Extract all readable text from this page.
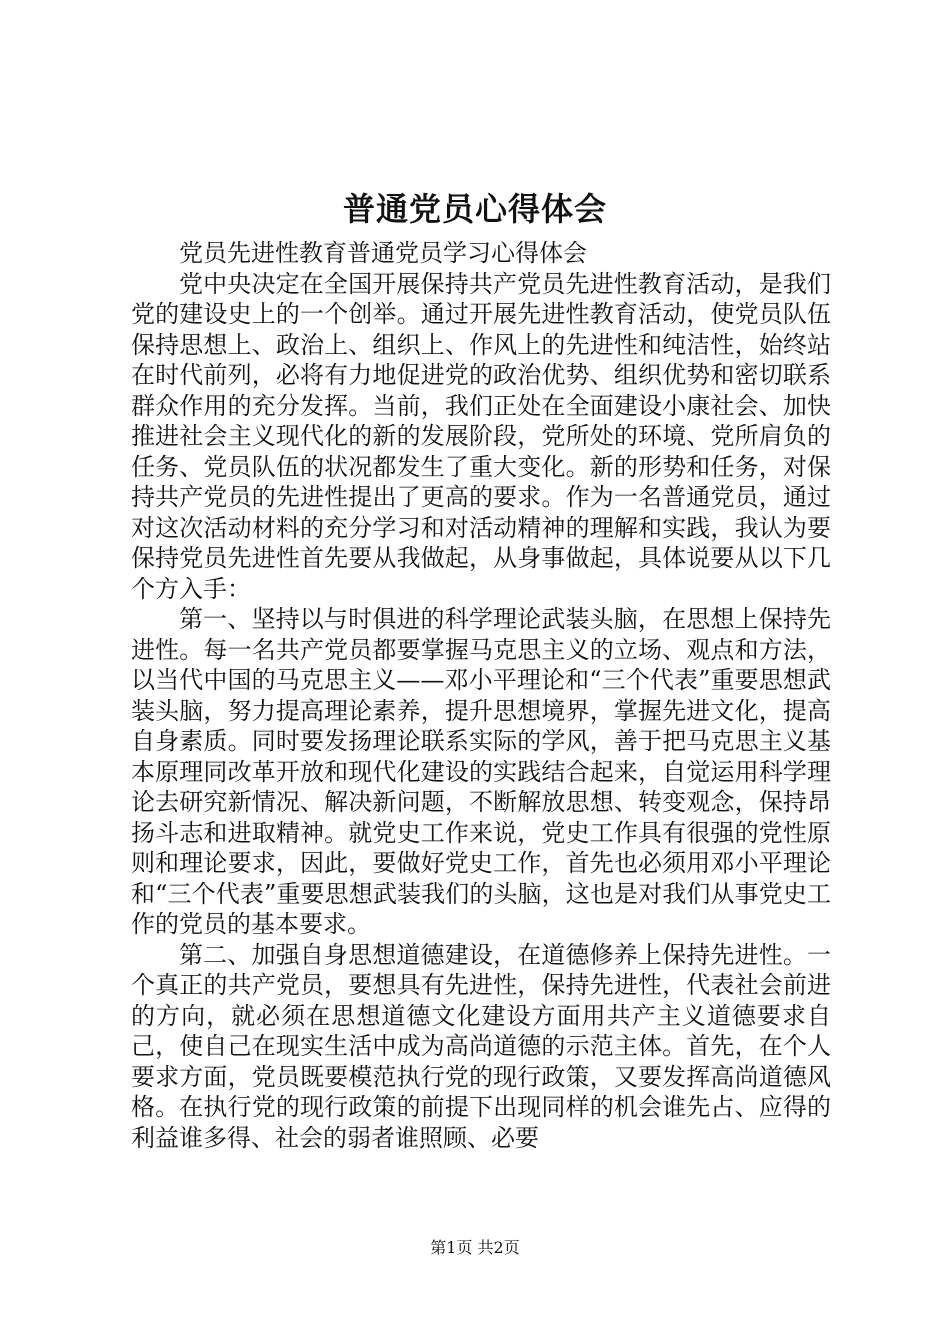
普通党员心得体会

党员先进性教育普通党员学习心得体会

党中央决定在全国开展保持共产党员先进性教育活动，是我们党的建设史上的一个创举。通过开展先进性教育活动，使党员队伍保持思想上、政治上、组织上、作风上的先进性和纯洁性，始终站在时代前列，必将有力地促进党的政治优势、组织优势和密切联系群众作用的充分发挥。当前，我们正处在全面建设小康社会、加快推进社会主义现代化的新的发展阶段，党所处的环境、党所肩负的任务、党员队伍的状况都发生了重大变化。新的形势和任务，对保持共产党员的先进性提出了更高的要求。作为一名普通党员，通过对这次活动材料的充分学习和对活动精神的理解和实践，我认为要保持党员先进性首先要从我做起，从身事做起，具体说要从以下几个方入手：

第一、坚持以与时俱进的科学理论武装头脑，在思想上保持先进性。每一名共产党员都要掌握马克思主义的立场、观点和方法，以当代中国的马克思主义——邓小平理论和“三个代表”重要思想武装头脑，努力提高理论素养，提升思想境界，掌握先进文化，提高自身素质。同时要发扬理论联系实际的学风，善于把马克思主义基本原理同改革开放和现代化建设的实践结合起来，自觉运用科学理论去研究新情况、解决新问题，不断解放思想、转变观念，保持昂扬斗志和进取精神。就党史工作来说，党史工作具有很强的党性原则和理论要求，因此，要做好党史工作，首先也必须用邓小平理论和“三个代表”重要思想武装我们的头脑，这也是对我们从事党史工作的党员的基本要求。

第二、加强自身思想道德建设，在道德修养上保持先进性。一个真正的共产党员，要想具有先进性，保持先进性，代表社会前进的方向，就必须在思想道德文化建设方面用共产主义道德要求自己，使自己在现实生活中成为高尚道德的示范主体。首先，在个人要求方面，党员既要模范执行党的现行政策，又要发挥高尚道德风格。在执行党的现行政策的前提下出现同样的机会谁先占、应得的利益谁多得、社会的弱者谁照顾、必要

第1页 共2页
